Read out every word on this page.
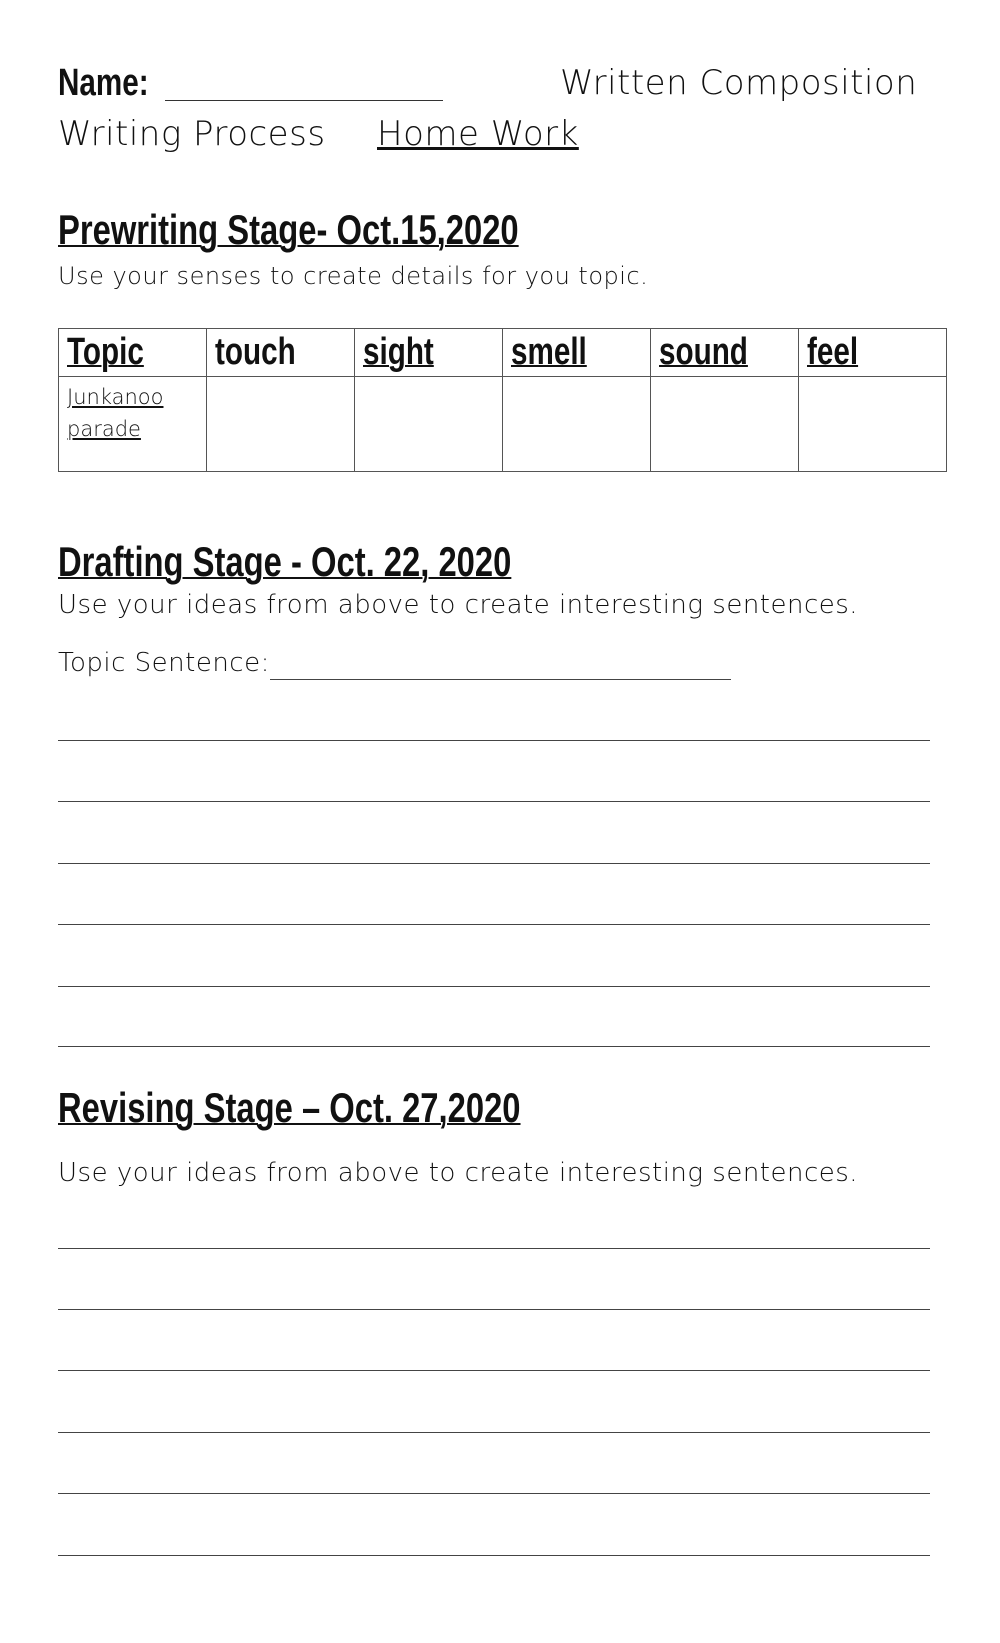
Name:	Written Composition
Writing Process Home Work
Prewriting Stage- Oct.15,2020
Use your senses to create details for you topic.
Topic	touch	sight	smell	sound	feel

Junkanoo parade					

Drafting Stage - Oct. 22, 2020
Use your ideas from above to create interesting sentences.
Topic Sentence:
Revising Stage – Oct. 27,2020
Use your ideas from above to create interesting sentences.
